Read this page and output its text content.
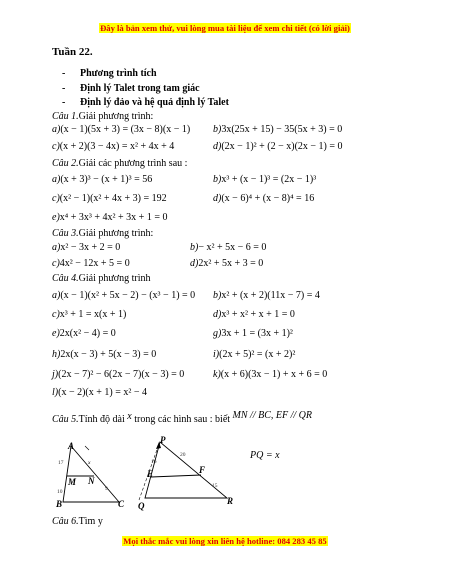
Đây là bản xem thử, vui lòng mua tài liệu để xem chi tiết (có lời giải)
Tuần 22.
- Phương trình tích
- Định lý Talet trong tam giác
- Định lý đảo và hệ quả định lý Talet
Câu 1.Giải phương trình:
a)(x − 1)(5x + 3) = (3x − 8)(x − 1) b)3x(25x + 15) − 35(5x + 3) = 0
c)(x + 2)(3 − 4x) = x² + 4x + 4	d)(2x − 1)² + (2 − x)(2x − 1) = 0
Câu 2.Giải các phương trình sau :
a)(x + 3)³ − (x + 1)³ = 56	b)x³ + (x − 1)³ = (2x − 1)³
c)(x² − 1)(x² + 4x + 3) = 192	d)(x − 6)⁴ + (x − 8)⁴ = 16
e)x⁴ + 3x³ + 4x² + 3x + 1 = 0
Câu 3.Giải phương trình:
a)x² − 3x + 2 = 0	b)− x² + 5x − 6 = 0
c)4x² − 12x + 5 = 0	d)2x² + 5x + 3 = 0
Câu 4.Giải phương trình
a)(x − 1)(x² + 5x − 2) − (x³ − 1) = 0 b)x² + (x + 2)(11x − 7) = 4
c)x³ + 1 = x(x + 1)	d)x³ + x² + x + 1 = 0
e)2x(x² − 4) = 0	g)3x + 1 = (3x + 1)²
h)2x(x − 3) + 5(x − 3) = 0	i)(2x + 5)² = (x + 2)²
j)(2x − 7)² − 6(2x − 7)(x − 3) = 0	k)(x + 6)(3x − 1) + x + 6 = 0
l)(x − 2)(x + 1) = x² − 4
Câu 5.Tính độ dài x trong các hình sau : biết MN // BC, EF // QR
A
B	C
M N
17	x
10	9
P
Q	R
E	F
16
20
15
PQ = x
Câu 6.Tìm y
Mọi thắc mắc vui lòng xin liên hệ hotline: 084 283 45 85
